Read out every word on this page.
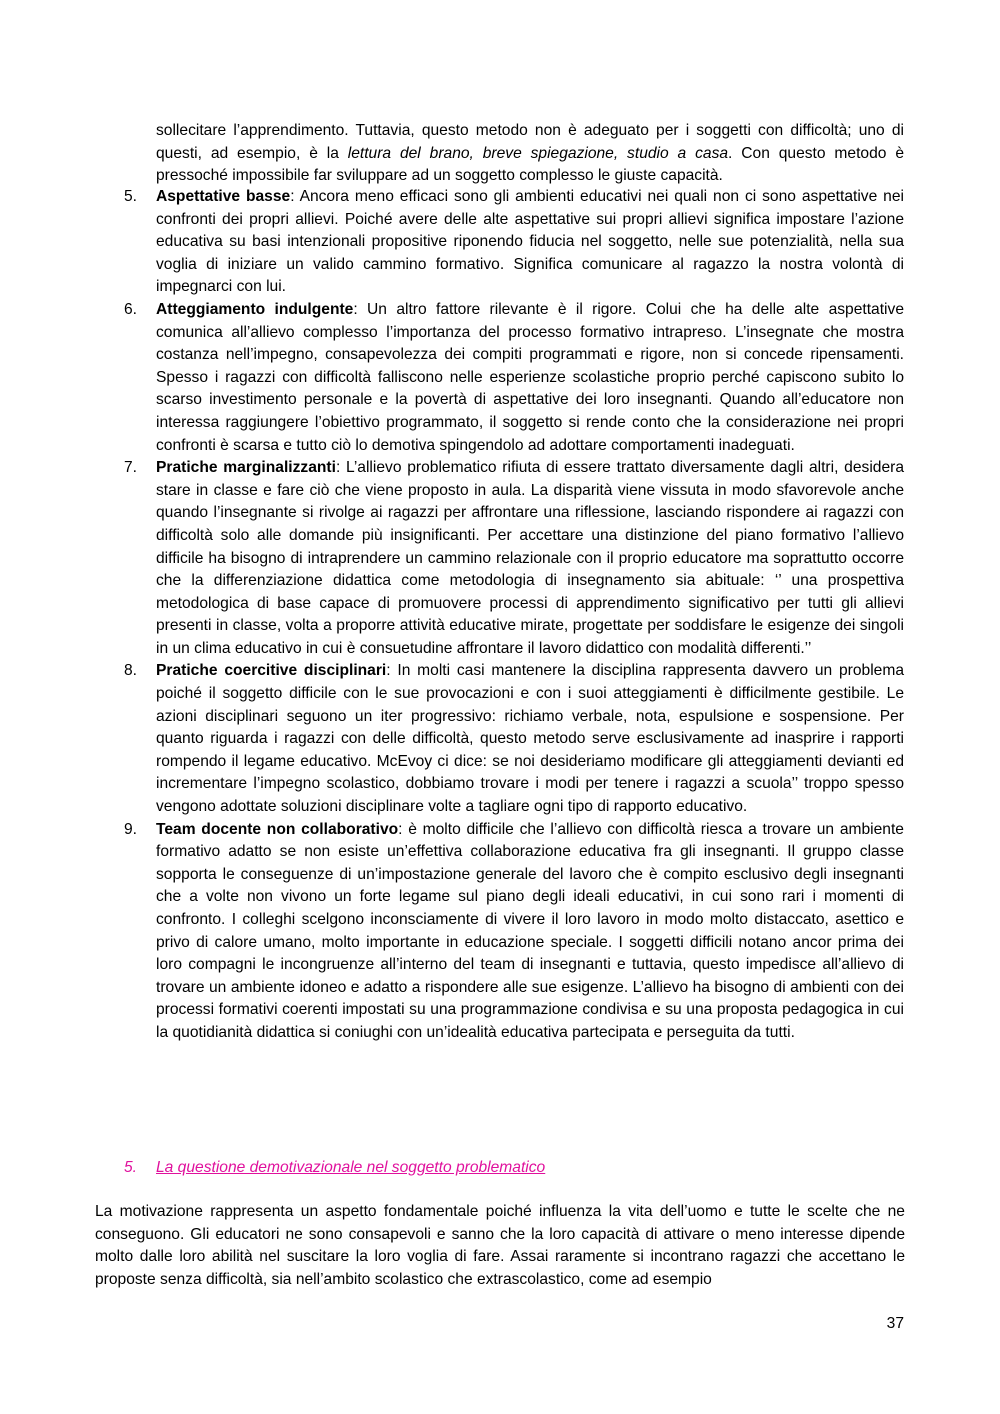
sollecitare l’apprendimento. Tuttavia, questo metodo non è adeguato per i soggetti con difficoltà; uno di questi, ad esempio, è la lettura del brano, breve spiegazione, studio a casa. Con questo metodo è pressoché impossibile far sviluppare ad un soggetto complesso le giuste capacità.

5.	Aspettative basse: Ancora meno efficaci sono gli ambienti educativi nei quali non ci sono aspettative nei confronti dei propri allievi. Poiché avere delle alte aspettative sui propri allievi significa impostare l’azione educativa su basi intenzionali propositive riponendo fiducia nel soggetto, nelle sue potenzialità, nella sua voglia di iniziare un valido cammino formativo. Significa comunicare al ragazzo la nostra volontà di impegnarci con lui.

6.	Atteggiamento indulgente: Un altro fattore rilevante è il rigore. Colui che ha delle alte aspettative comunica all’allievo complesso l’importanza del processo formativo intrapreso. L’insegnate che mostra costanza nell’impegno, consapevolezza dei compiti programmati e rigore, non si concede ripensamenti. Spesso i ragazzi con difficoltà falliscono nelle esperienze scolastiche proprio perché capiscono subito lo scarso investimento personale e la povertà di aspettative dei loro insegnanti. Quando all’educatore non interessa raggiungere l’obiettivo programmato, il soggetto si rende conto che la considerazione nei propri confronti è scarsa e tutto ciò lo demotiva spingendolo ad adottare comportamenti inadeguati.

7.	Pratiche marginalizzanti: L’allievo problematico rifiuta di essere trattato diversamente dagli altri, desidera stare in classe e fare ciò che viene proposto in aula. La disparità viene vissuta in modo sfavorevole anche quando l’insegnante si rivolge ai ragazzi per affrontare una riflessione, lasciando rispondere ai ragazzi con difficoltà solo alle domande più insignificanti. Per accettare una distinzione del piano formativo l’allievo difficile ha bisogno di intraprendere un cammino relazionale con il proprio educatore ma soprattutto occorre che la differenziazione didattica come metodologia di insegnamento sia abituale: ‘’ una prospettiva metodologica di base capace di promuovere processi di apprendimento significativo per tutti gli allievi presenti in classe, volta a proporre attività educative mirate, progettate per soddisfare le esigenze dei singoli in un clima educativo in cui è consuetudine affrontare il lavoro didattico con modalità differenti.’’

8.	Pratiche coercitive disciplinari: In molti casi mantenere la disciplina rappresenta davvero un problema poiché il soggetto difficile con le sue provocazioni e con i suoi atteggiamenti è difficilmente gestibile. Le azioni disciplinari seguono un iter progressivo: richiamo verbale, nota, espulsione e sospensione. Per quanto riguarda i ragazzi con delle difficoltà, questo metodo serve esclusivamente ad inasprire i rapporti rompendo il legame educativo. McEvoy ci dice: se noi desideriamo modificare gli atteggiamenti devianti ed incrementare l’impegno scolastico, dobbiamo trovare i modi per tenere i ragazzi a scuola’’ troppo spesso vengono adottate soluzioni disciplinare volte a tagliare ogni tipo di rapporto educativo.

9.	Team docente non collaborativo: è molto difficile che l’allievo con difficoltà riesca a trovare un ambiente formativo adatto se non esiste un’effettiva collaborazione educativa fra gli insegnanti. Il gruppo classe sopporta le conseguenze di un’impostazione generale del lavoro che è compito esclusivo degli insegnanti che a volte non vivono un forte legame sul piano degli ideali educativi, in cui sono rari i momenti di confronto. I colleghi scelgono inconsciamente di vivere il loro lavoro in modo molto distaccato, asettico e privo di calore umano, molto importante in educazione speciale. I soggetti difficili notano ancor prima dei loro compagni le incongruenze all’interno del team di insegnanti e tuttavia, questo impedisce all’allievo di trovare un ambiente idoneo e adatto a rispondere alle sue esigenze. L’allievo ha bisogno di ambienti con dei processi formativi coerenti impostati su una programmazione condivisa e su una proposta pedagogica in cui la quotidianità didattica si coniughi con un’idealità educativa partecipata e perseguita da tutti.

5. La questione demotivazionale nel soggetto problematico

La motivazione rappresenta un aspetto fondamentale poiché influenza la vita dell’uomo e tutte le scelte che ne conseguono. Gli educatori ne sono consapevoli e sanno che la loro capacità di attivare o meno interesse dipende molto dalle loro abilità nel suscitare la loro voglia di fare. Assai raramente si incontrano ragazzi che accettano le proposte senza difficoltà, sia nell’ambito scolastico che extrascolastico, come ad esempio

37
